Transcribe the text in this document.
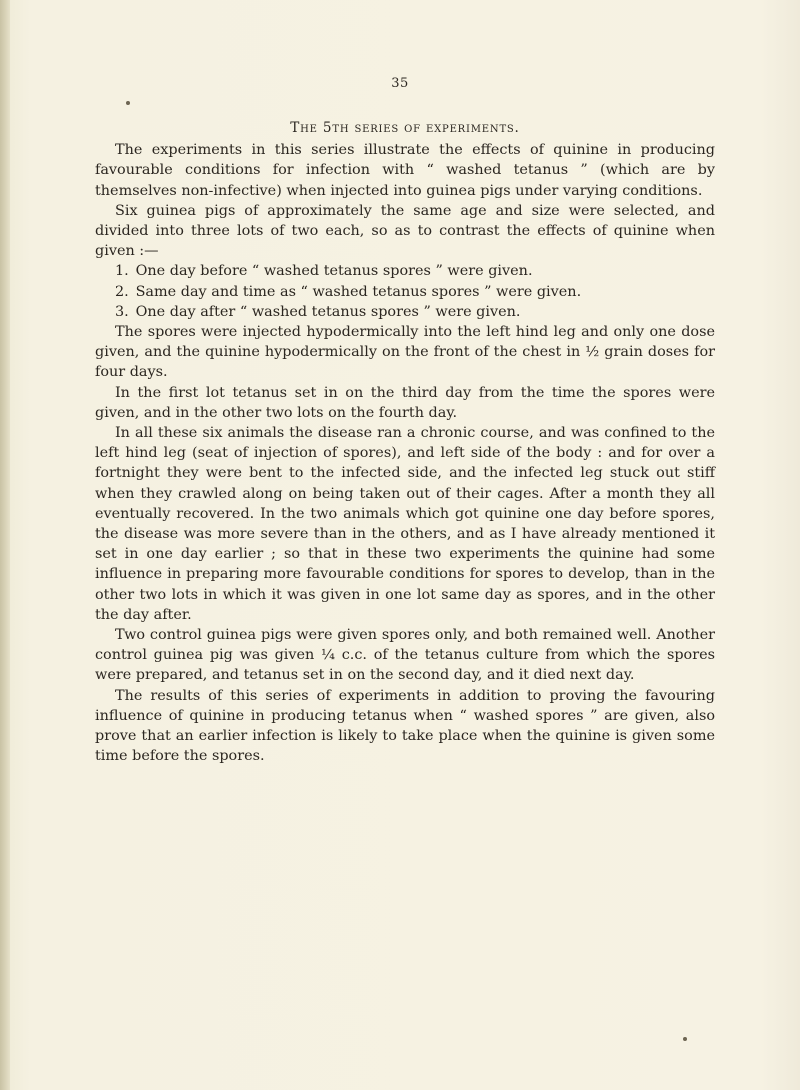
35
The 5th series of experiments.

The experiments in this series illustrate the effects of quinine in producing favourable conditions for infection with “ washed tetanus ” (which are by themselves non-infective) when injected into guinea pigs under varying conditions.

Six guinea pigs of approximately the same age and size were selected, and divided into three lots of two each, so as to contrast the effects of quinine when given :—

1. One day before “ washed tetanus spores ” were given.

2. Same day and time as “ washed tetanus spores ” were given.

3. One day after “ washed tetanus spores ” were given.

The spores were injected hypodermically into the left hind leg and only one dose given, and the quinine hypodermically on the front of the chest in ½ grain doses for four days.

In the first lot tetanus set in on the third day from the time the spores were given, and in the other two lots on the fourth day.

In all these six animals the disease ran a chronic course, and was confined to the left hind leg (seat of injection of spores), and left side of the body : and for over a fortnight they were bent to the infected side, and the infected leg stuck out stiff when they crawled along on being taken out of their cages. After a month they all eventually recovered. In the two animals which got quinine one day before spores, the disease was more severe than in the others, and as I have already mentioned it set in one day earlier ; so that in these two experiments the quinine had some influence in preparing more favourable conditions for spores to develop, than in the other two lots in which it was given in one lot same day as spores, and in the other the day after.

Two control guinea pigs were given spores only, and both remained well. Another control guinea pig was given ¼ c.c. of the tetanus culture from which the spores were prepared, and tetanus set in on the second day, and it died next day.

The results of this series of experiments in addition to proving the favouring influence of quinine in producing tetanus when “ washed spores ” are given, also prove that an earlier infection is likely to take place when the quinine is given some time before the spores.
